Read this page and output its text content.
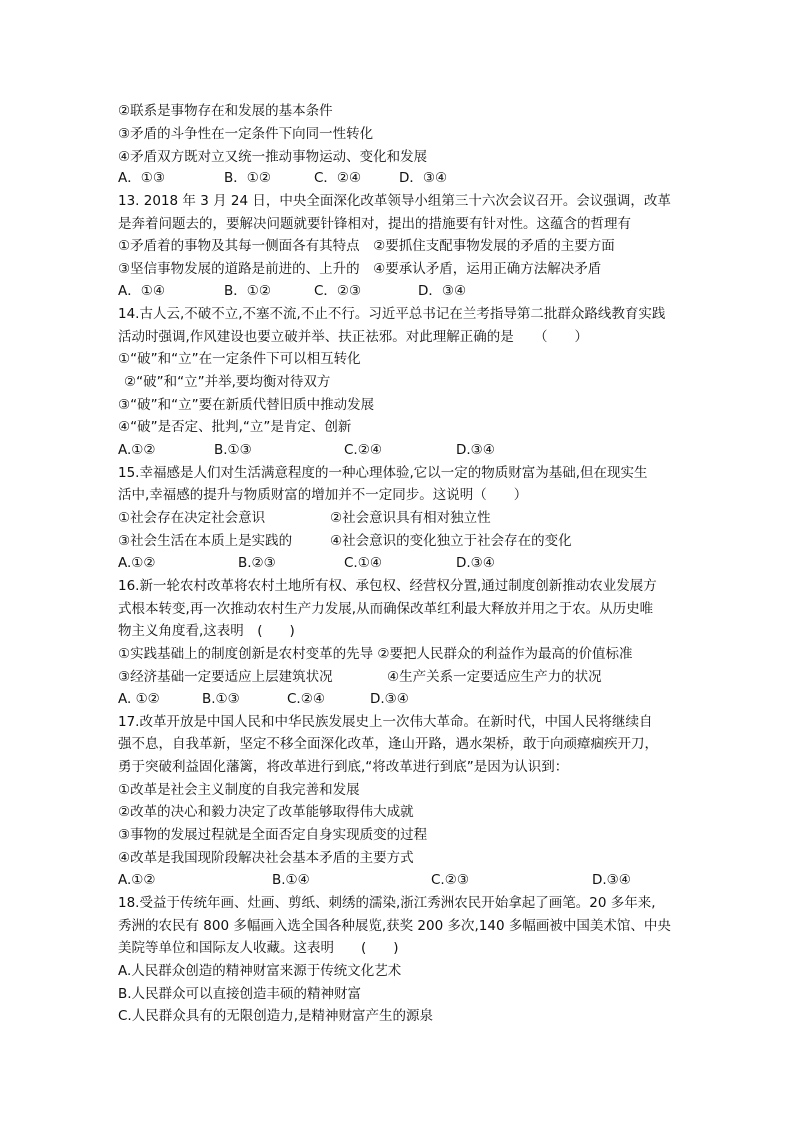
②联系是事物存在和发展的基本条件
③矛盾的斗争性在一定条件下向同一性转化
④矛盾双方既对立又统一推动事物运动、变化和发展
A．①③	B．①②	C．②④	D．③④
13. 2018 年 3 月 24 日，中央全面深化改革领导小组第三十六次会议召开。会议强调，改革
是奔着问题去的，要解决问题就要针锋相对，提出的措施要有针对性。这蕴含的哲理有
①矛盾着的事物及其每一侧面各有其特点　②要抓住支配事物发展的矛盾的主要方面
③坚信事物发展的道路是前进的、上升的　④要承认矛盾，运用正确方法解决矛盾
A．①④	B．①②	C．②③	D．③④
14.古人云,不破不立,不塞不流,不止不行。习近平总书记在兰考指导第二批群众路线教育实践
活动时强调,作风建设也要立破并举、扶正祛邪。对此理解正确的是　　（　　）
①“破”和“立”在一定条件下可以相互转化
②“破”和“立”并举,要均衡对待双方
③“破”和“立”要在新质代替旧质中推动发展
④“破”是否定、批判,“立”是肯定、创新
A.①②	B.①③	C.②④	D.③④
15.幸福感是人们对生活满意程度的一种心理体验,它以一定的物质财富为基础,但在现实生
活中,幸福感的提升与物质财富的增加并不一定同步。这说明（　　）
①社会存在决定社会意识	②社会意识具有相对独立性
③社会生活在本质上是实践的	④社会意识的变化独立于社会存在的变化
A.①②	B.②③	C.①④	D.③④
16.新一轮农村改革将农村土地所有权、承包权、经营权分置,通过制度创新推动农业发展方
式根本转变,再一次推动农村生产力发展,从而确保改革红利最大释放并用之于农。从历史唯
物主义角度看,这表明　(　　)
①实践基础上的制度创新是农村变革的先导 ②要把人民群众的利益作为最高的价值标准
③经济基础一定要适应上层建筑状况	④生产关系一定要适应生产力的状况
A. ①②	B.①③	C.②④	D.③④
17.改革开放是中国人民和中华民族发展史上一次伟大革命。在新时代，中国人民将继续自
强不息，自我革新，坚定不移全面深化改革，逢山开路，遇水架桥，敢于向顽瘴痼疾开刀，
勇于突破利益固化藩篱，将改革进行到底,“将改革进行到底”是因为认识到：
①改革是社会主义制度的自我完善和发展
②改革的决心和毅力决定了改革能够取得伟大成就
③事物的发展过程就是全面否定自身实现质变的过程
④改革是我国现阶段解决社会基本矛盾的主要方式
A.①②	B.①④	C.②③	D.③④
18.受益于传统年画、灶画、剪纸、刺绣的濡染,浙江秀洲农民开始拿起了画笔。20 多年来,
秀洲的农民有 800 多幅画入选全国各种展览,获奖 200 多次,140 多幅画被中国美术馆、中央
美院等单位和国际友人收藏。这表明　　(　　)
A.人民群众创造的精神财富来源于传统文化艺术
B.人民群众可以直接创造丰硕的精神财富
C.人民群众具有的无限创造力,是精神财富产生的源泉
